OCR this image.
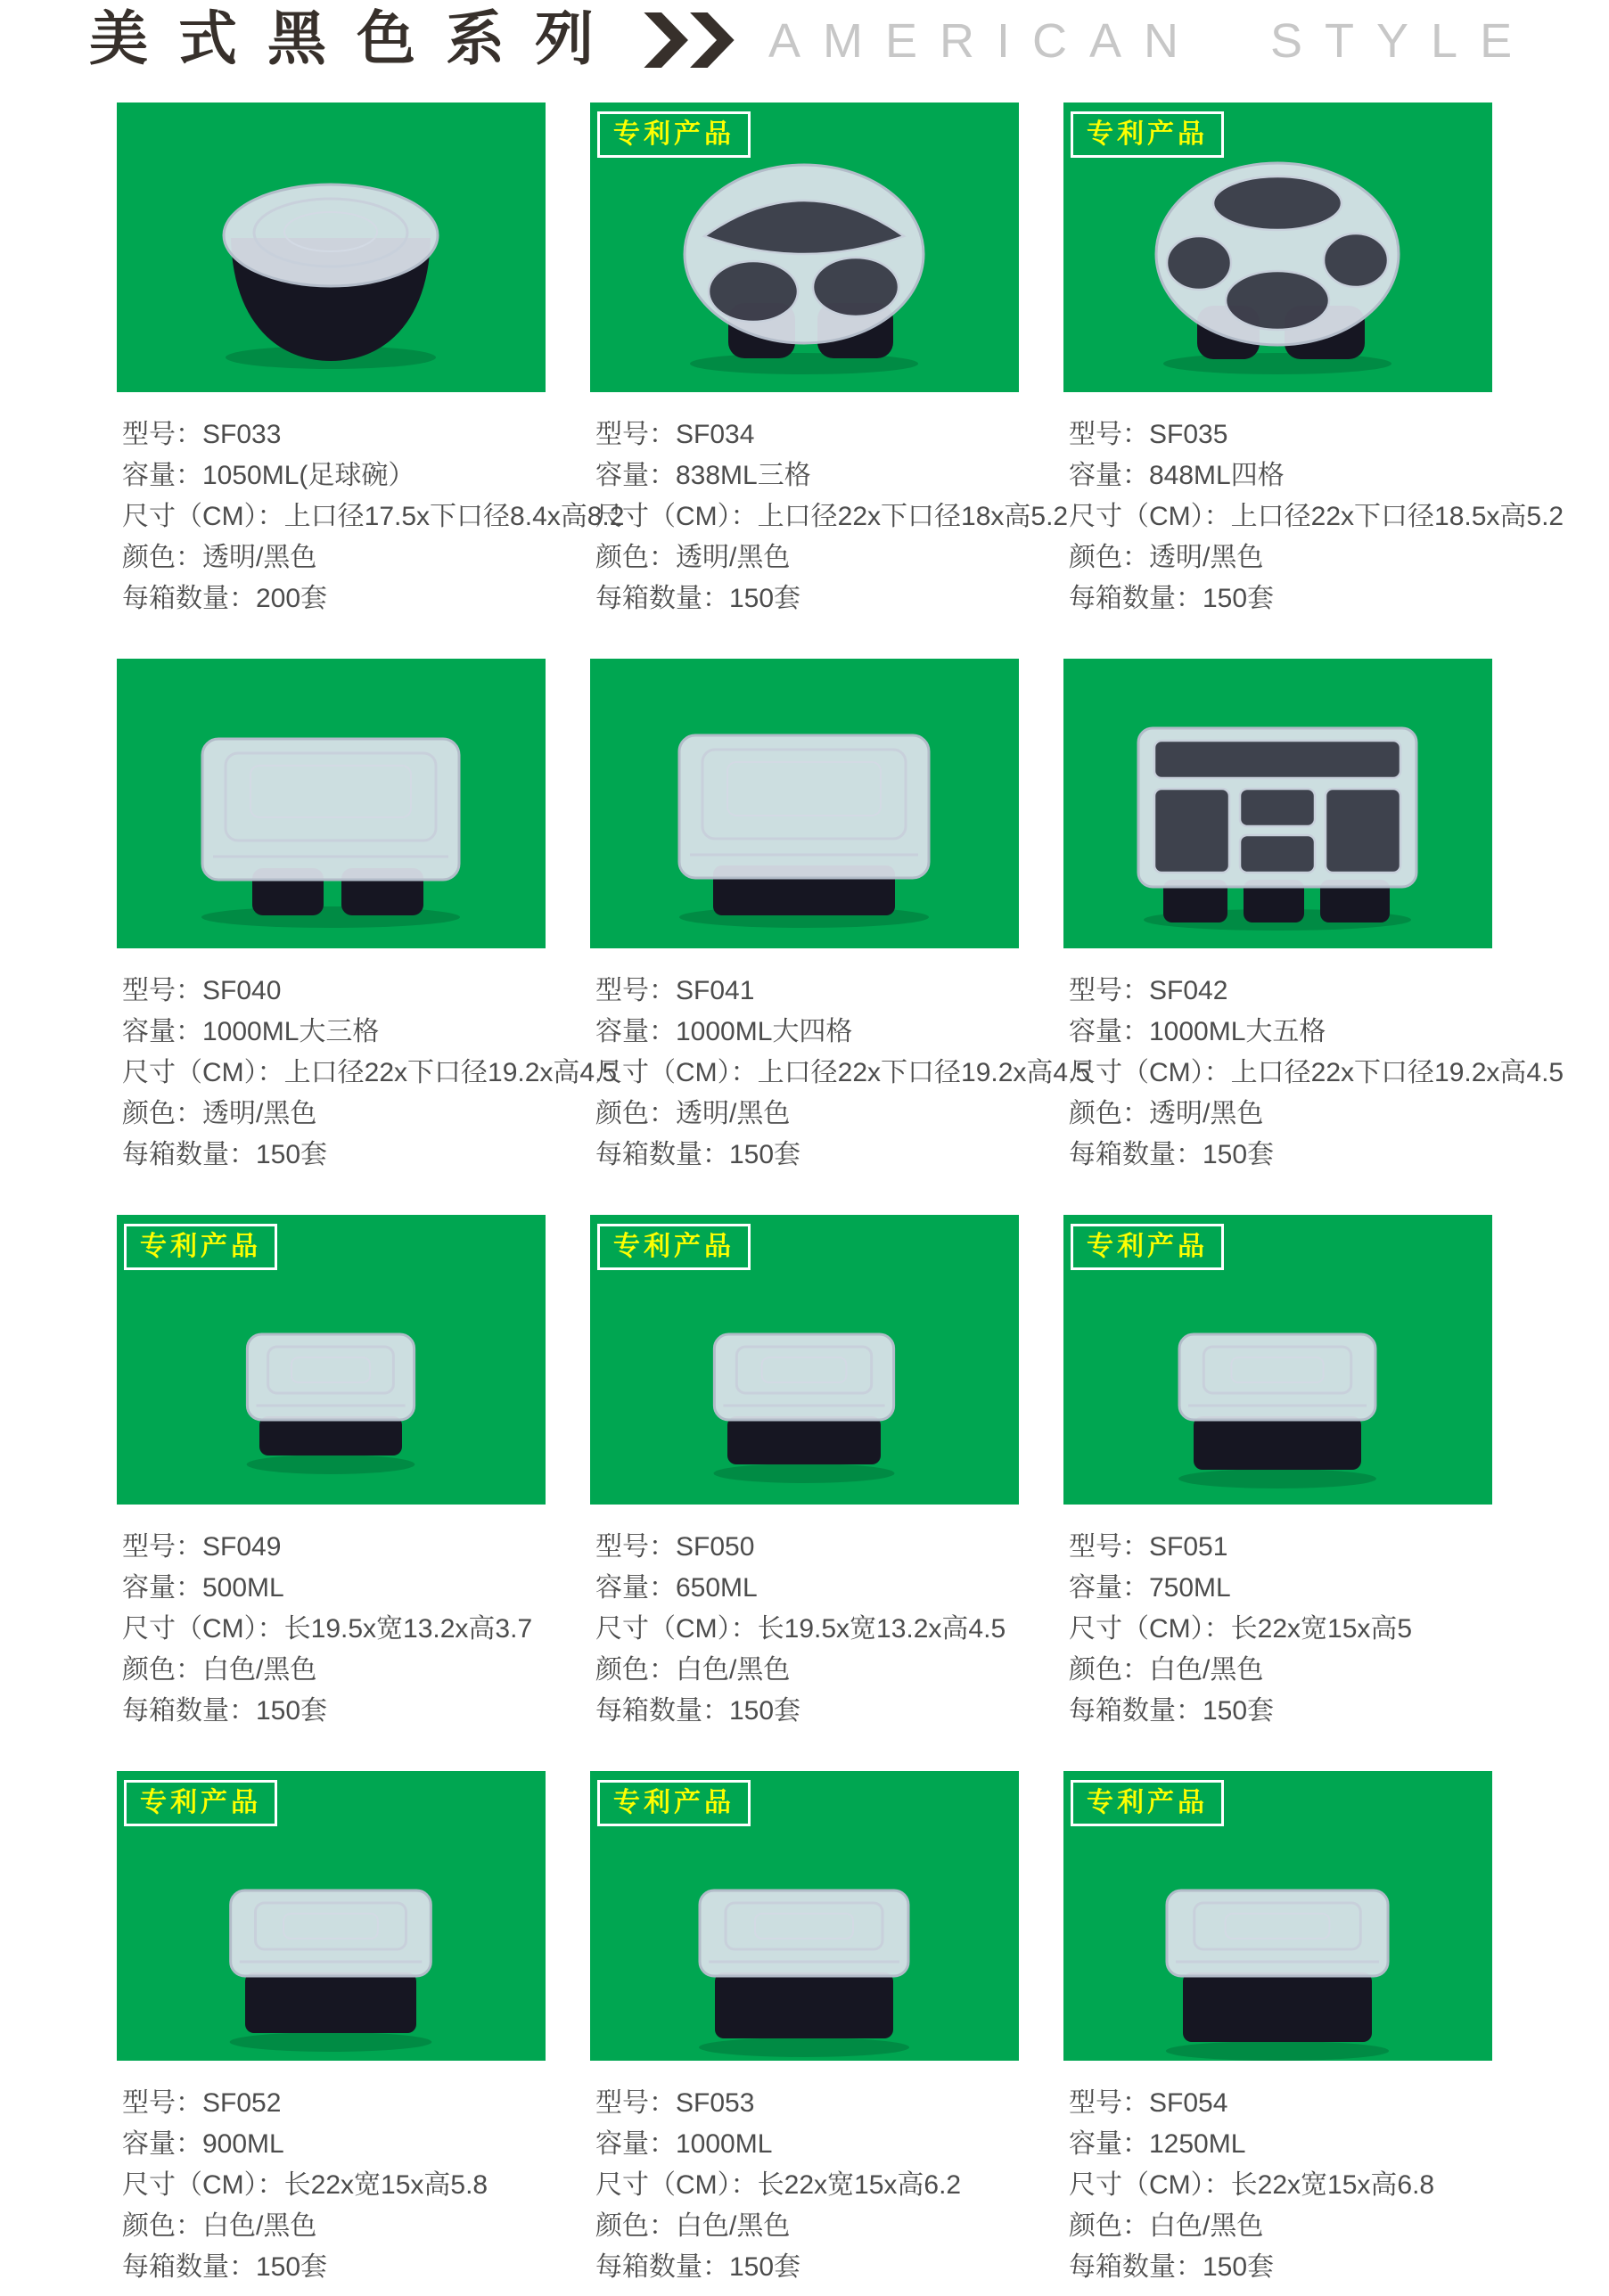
美式黑色系列	AMERICAN STYLE
型号：SF033
容量：1050ML(足球碗）
尺寸（CM）：上口径17.5x下口径8.4x高8.2
颜色：透明/黑色
每箱数量：200套
专利产品
型号：SF034
容量：838ML三格
尺寸（CM）：上口径22x下口径18x高5.2
颜色：透明/黑色
每箱数量：150套
专利产品
型号：SF035
容量：848ML四格
尺寸（CM）：上口径22x下口径18.5x高5.2
颜色：透明/黑色
每箱数量：150套
型号：SF040
容量：1000ML大三格
尺寸（CM）：上口径22x下口径19.2x高4.5
颜色：透明/黑色
每箱数量：150套
型号：SF041
容量：1000ML大四格
尺寸（CM）：上口径22x下口径19.2x高4.5
颜色：透明/黑色
每箱数量：150套
型号：SF042
容量：1000ML大五格
尺寸（CM）：上口径22x下口径19.2x高4.5
颜色：透明/黑色
每箱数量：150套
专利产品
型号：SF049
容量：500ML
尺寸（CM）：长19.5x宽13.2x高3.7
颜色：白色/黑色
每箱数量：150套
专利产品
型号：SF050
容量：650ML
尺寸（CM）：长19.5x宽13.2x高4.5
颜色：白色/黑色
每箱数量：150套
专利产品
型号：SF051
容量：750ML
尺寸（CM）：长22x宽15x高5
颜色：白色/黑色
每箱数量：150套
专利产品
型号：SF052
容量：900ML
尺寸（CM）：长22x宽15x高5.8
颜色：白色/黑色
每箱数量：150套
专利产品
型号：SF053
容量：1000ML
尺寸（CM）：长22x宽15x高6.2
颜色：白色/黑色
每箱数量：150套
专利产品
型号：SF054
容量：1250ML
尺寸（CM）：长22x宽15x高6.8
颜色：白色/黑色
每箱数量：150套
